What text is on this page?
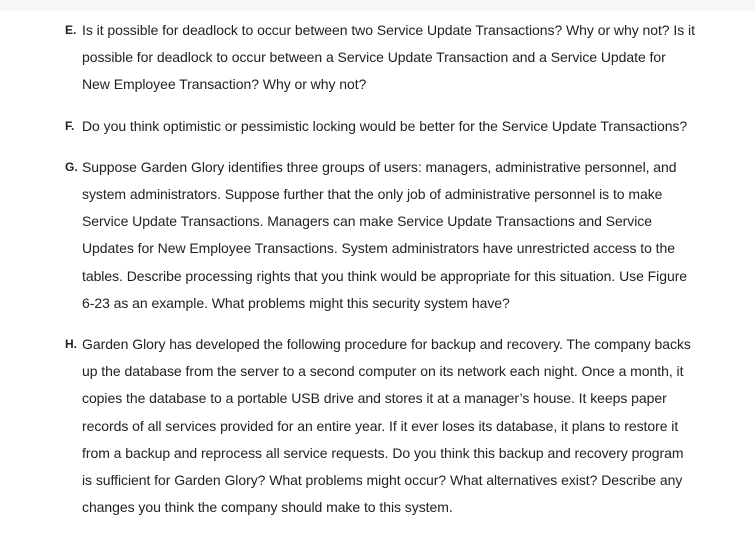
E. Is it possible for deadlock to occur between two Service Update Transactions? Why or why not? Is it possible for deadlock to occur between a Service Update Transaction and a Service Update for New Employee Transaction? Why or why not?

F. Do you think optimistic or pessimistic locking would be better for the Service Update Transactions?

G. Suppose Garden Glory identifies three groups of users: managers, administrative personnel, and system administrators. Suppose further that the only job of administrative personnel is to make Service Update Transactions. Managers can make Service Update Transactions and Service Updates for New Employee Transactions. System administrators have unrestricted access to the tables. Describe processing rights that you think would be appropriate for this situation. Use Figure 6-23 as an example. What problems might this security system have?

H. Garden Glory has developed the following procedure for backup and recovery. The company backs up the database from the server to a second computer on its network each night. Once a month, it copies the database to a portable USB drive and stores it at a manager’s house. It keeps paper records of all services provided for an entire year. If it ever loses its database, it plans to restore it from a backup and reprocess all service requests. Do you think this backup and recovery program is sufficient for Garden Glory? What problems might occur? What alternatives exist? Describe any changes you think the company should make to this system.
